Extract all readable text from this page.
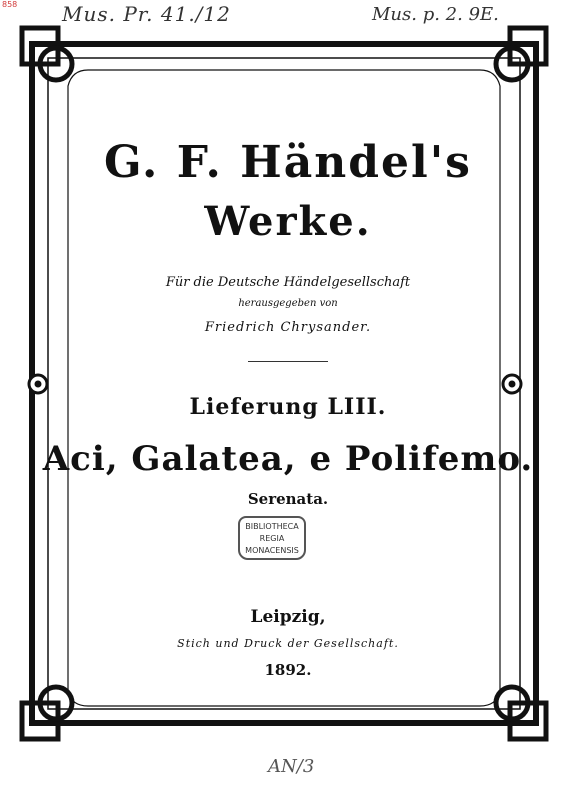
858 Mus. Pr. 41./12	Mus. p. 2. 9E.
G. F. Händel's
Werke.
Für die Deutsche Händelgesellschaft
herausgegeben von
Friedrich Chrysander.
Lieferung LIII.
Aci, Galatea, e Polifemo.
Serenata.
BIBLIOTHECA
REGIA
MONACENSIS
Leipzig,
Stich und Druck der Gesellschaft.
1892.
AN/3
